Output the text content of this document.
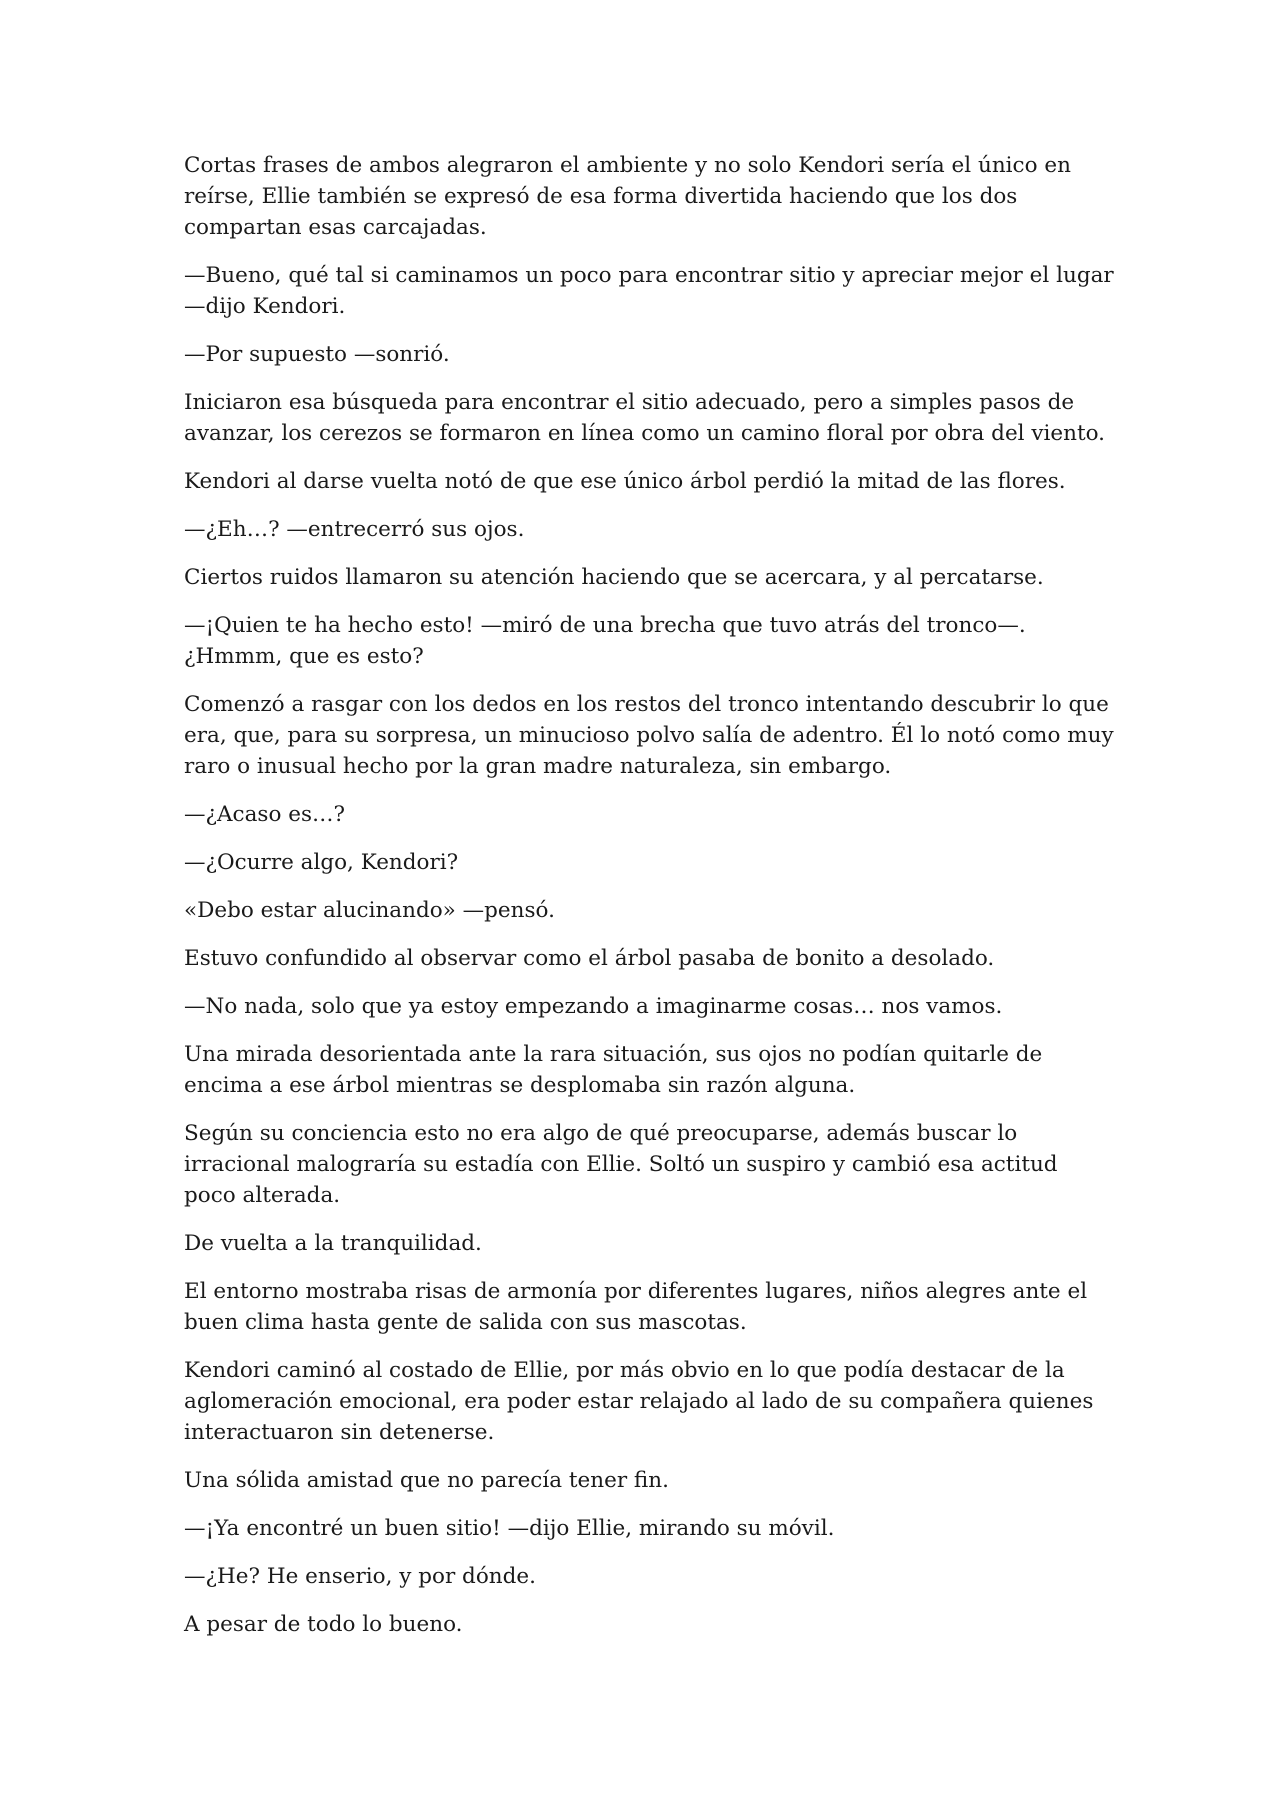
Cortas frases de ambos alegraron el ambiente y no solo Kendori sería el único en reírse, Ellie también se expresó de esa forma divertida haciendo que los dos compartan esas carcajadas.

—Bueno, qué tal si caminamos un poco para encontrar sitio y apreciar mejor el lugar —dijo Kendori.

—Por supuesto —sonrió.

Iniciaron esa búsqueda para encontrar el sitio adecuado, pero a simples pasos de avanzar, los cerezos se formaron en línea como un camino floral por obra del viento.

Kendori al darse vuelta notó de que ese único árbol perdió la mitad de las flores.

—¿Eh…? —entrecerró sus ojos.

Ciertos ruidos llamaron su atención haciendo que se acercara, y al percatarse.

—¡Quien te ha hecho esto! —miró de una brecha que tuvo atrás del tronco—. ¿Hmmm, que es esto?

Comenzó a rasgar con los dedos en los restos del tronco intentando descubrir lo que era, que, para su sorpresa, un minucioso polvo salía de adentro. Él lo notó como muy raro o inusual hecho por la gran madre naturaleza, sin embargo.

—¿Acaso es…?

—¿Ocurre algo, Kendori?

«Debo estar alucinando» —pensó.

Estuvo confundido al observar como el árbol pasaba de bonito a desolado.

—No nada, solo que ya estoy empezando a imaginarme cosas… nos vamos.

Una mirada desorientada ante la rara situación, sus ojos no podían quitarle de encima a ese árbol mientras se desplomaba sin razón alguna.

Según su conciencia esto no era algo de qué preocuparse, además buscar lo irracional malograría su estadía con Ellie. Soltó un suspiro y cambió esa actitud poco alterada.

De vuelta a la tranquilidad.

El entorno mostraba risas de armonía por diferentes lugares, niños alegres ante el buen clima hasta gente de salida con sus mascotas.

Kendori caminó al costado de Ellie, por más obvio en lo que podía destacar de la aglomeración emocional, era poder estar relajado al lado de su compañera quienes interactuaron sin detenerse.

Una sólida amistad que no parecía tener fin.

—¡Ya encontré un buen sitio! —dijo Ellie, mirando su móvil.

—¿He? He enserio, y por dónde.

A pesar de todo lo bueno.
